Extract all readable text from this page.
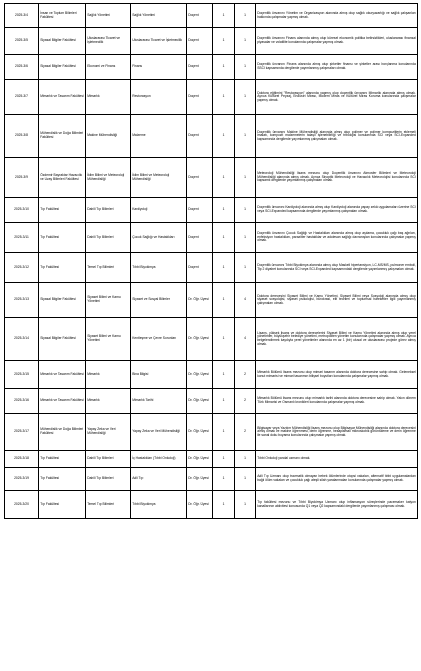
2025-3/4	İnsan ve Toplum Bilimleri Fakültesi	Sağlık Yönetimi	Sağlık Yönetimi	Doçent	1	1	Doçentlik ünvanını Yönetim ve Organizasyon alanında almış olup sağlık okuryazarlığı ve sağlık çalışanları hakkında çalışmalar yapmış olmak.
2025-3/5	Siyasal Bilgiler Fakültesi	Uluslararası Ticaret ve İşletmecilik	Uluslararası Ticaret ve İşletmecilik	Doçent	1	1	Doçentlik ünvanını Finans alanında almış olup küresel ekonomik politika belirsizlikleri, uluslararası finansal piyasalar ve volatilite konularında çalışmalar yapmış olmak.
2025-3/6	Siyasal Bilgiler Fakültesi	Ekonomi ve Finans	Finans	Doçent	1	1	Doçentlik ünvanını Finans alanında almış olup şirketler finansı ve şirketler arası borçlanma konularında SSCI kapsamında dergilerde yayımlanmış çalışmaları olmak.
2025-3/7	Mimarlık ve Tasarım Fakültesi	Mimarlık	Restorasyon	Doçent	1	1	Doktora eğitimini "Restorasyon" alanında yapmış olup doçentlik ünvanını Mimarlık alanında almış olmak. Ayrıca Kültürel Peyzaj, Endüstri Mirası, Modern Miras ve Kültürel Miras Koruma konularında çalışmalar yapmış olmak.
2025-3/8	Mühendislik ve Doğa Bilimleri Fakültesi	Makine Mühendisliği	Malzeme	Doçent	1	1	Doçentlik ünvanını Makine Mühendisliği alanında almış olup polimer ve polimer kompozitlerin eklemeli imalatı, kompozit malzemelerin talaşlı işlenebilirliği ve tribolojisi konularında SCI veya SCI-Expanded kapsamında dergilerde yayımlanmış çalışmaları olmak.
2025-3/9	Özdemir Bayraktar Havacılık ve Uzay Bilimleri Fakültesi	İklim Bilimi ve Meteoroloji Mühendisliği	İklim Bilimi ve Meteoroloji Mühendisliği	Doçent	1	1	Meteoroloji Mühendisliği lisans mezunu olup Doçentlik ünvanını Atmosfer Bilimleri ve Meteoroloji Mühendisliği alanında almış olmak. Ayrıca Sinoptik Meteoroloji ve Havacılık Meteorolojisi konularında SCI kapsamlı dergilerde yayımlanmış çalışmaları olmak.
2025-3/10	Tıp Fakültesi	Dahili Tıp Bilimleri	Kardiyoloji	Doçent	1	1	Doçentlik ünvanını Kardiyoloji alanında almış olup Kardiyoloji alanında yapay zekâ uygulamaları üzerine SCI veya SCI-Expanded kapsamında dergilerde yayımlanmış çalışmaları olmak.
2025-3/11	Tıp Fakültesi	Dahili Tıp Bilimleri	Çocuk Sağlığı ve Hastalıkları	Doçent	1	1	Doçentlik ünvanını Çocuk Sağlığı ve Hastalıkları alanında almış olup aşılama, çocukluk çağı baş ağrıları, enfeksiyon hastalıkları, parazitler hastalıklar ve adolesan sağlığı davranışları konularında çalışmalar yapmış olmak.
2025-3/12	Tıp Fakültesi	Temel Tıp Bilimleri	Tıbbi Biyokimya	Doçent	1	1	Doçentlik ünvanını Tıbbi Biyokimya alanında almış olup Maskeli hipertansiyon, LC-MS/MS, pulmoner emboli, Tip 2 diyabet konularında SCI veya SCI-Expanded kapsamındaki dergilerde yayımlanmış çalışmaları olmak.
2025-3/13	Siyasal Bilgiler Fakültesi	Siyaset Bilimi ve Kamu Yönetimi	Siyaset ve Sosyal Bilimler	Dr. Öğr. Üyesi	1	4	Doktora derecesini Siyaset Bilimi ve Kamu Yönetimi, Siyaset Bilimi veya Sosyoloji alanında almış olup siyaset sosyolojisi, siyaset psikolojisi, bürokrasi, elit teorileri ve toplumsal hareketler ilgili yayımlanmış çalışmaları olmak.
2025-3/14	Siyasal Bilgiler Fakültesi	Siyaset Bilimi ve Kamu Yönetimi	Kentleşme ve Çevre Sorunları	Dr. Öğr. Üyesi	1	4	Lisans, yüksek lisans ve doktora derecelerini Siyaset Bilimi ve Kamu Yönetimi alanında almış olup yerel yönetimler, büyükşehir belediye yönetimi, metropoliten yönetim konularında çalışmalar yapmış olmak. Ayrıca belgelendirmek kaydıyla yerel yönetimler alanında en az 1 (bir) ulusal ve uluslararası projede görev almış olmak.
2025-3/15	Mimarlık ve Tasarım Fakültesi	Mimarlık	Bina Bilgisi	Dr. Öğr. Üyesi	1	2	Mimarlık Bölümü lisans mezunu olup mimari tasarım alanında doktora derecesine sahip olmak. Geleneksel konut mimarisi ve mimari tasarımın bilişsel boyutları konularında çalışmalar yapmış olmak.
2025-3/16	Mimarlık ve Tasarım Fakültesi	Mimarlık	Mimarlık Tarihi	Dr. Öğr. Üyesi	1	2	Mimarlık Bölümü lisans mezunu olup mimarlık tarihi alanında doktora derecesine sahip olmak. Yakın dönem Türk Mimarisi ve Osmanlı kronikleri konularında çalışmalar yapmış olmak.
2025-3/17	Mühendislik ve Doğa Bilimleri Fakültesi	Yapay Zeka ve Veri Mühendisliği	Yapay Zeka ve Veri Mühendisliği	Dr. Öğr. Üyesi	1	2	Bilgisayar veya Yazılım Mühendisliği lisans mezunu olup Bilgisayar Mühendisliği alanında doktora derecesini almış olmak ve makine öğrenmesi, derin öğrenme, hesaplamalı mikroskobik görüntüleme ve derin öğrenme ile sanal doku boyama konularında çalışmalar yapmış olmak.
2025-3/18	Tıp Fakültesi	Dahili Tıp Bilimleri	İç Hastalıkları (Tıbbi Onkoloji)	Dr. Öğr. Üyesi	1	1	Tıbbi Onkoloji yandal uzmanı olmak.
2025-3/19	Tıp Fakültesi	Dahili Tıp Bilimleri	Adli Tıp	Dr. Öğr. Üyesi	1	1	Adli Tıp Uzmanı olup travmatik olmayan bebek ölümlerinde otopsi vakaları, alternatif tıbbi uygulamalardan bağlı ölüm vakaları ve çocukluk çağı ateşli silah yaralanmaları konularında çalışmalar yapmış olmak.
2025-3/20	Tıp Fakültesi	Temel Tıp Bilimleri	Tıbbi Biyokimya	Dr. Öğr. Üyesi	1	1	Tıp fakültesi mezunu ve Tıbbi Biyokimya Uzmanı olup inflamasyon süreçlerinde pacemaker katyon kanallarının aktivitesi konusunda Q1 veya Q2 kapsamındaki dergilerde yayımlanmış çalışması olmak.
